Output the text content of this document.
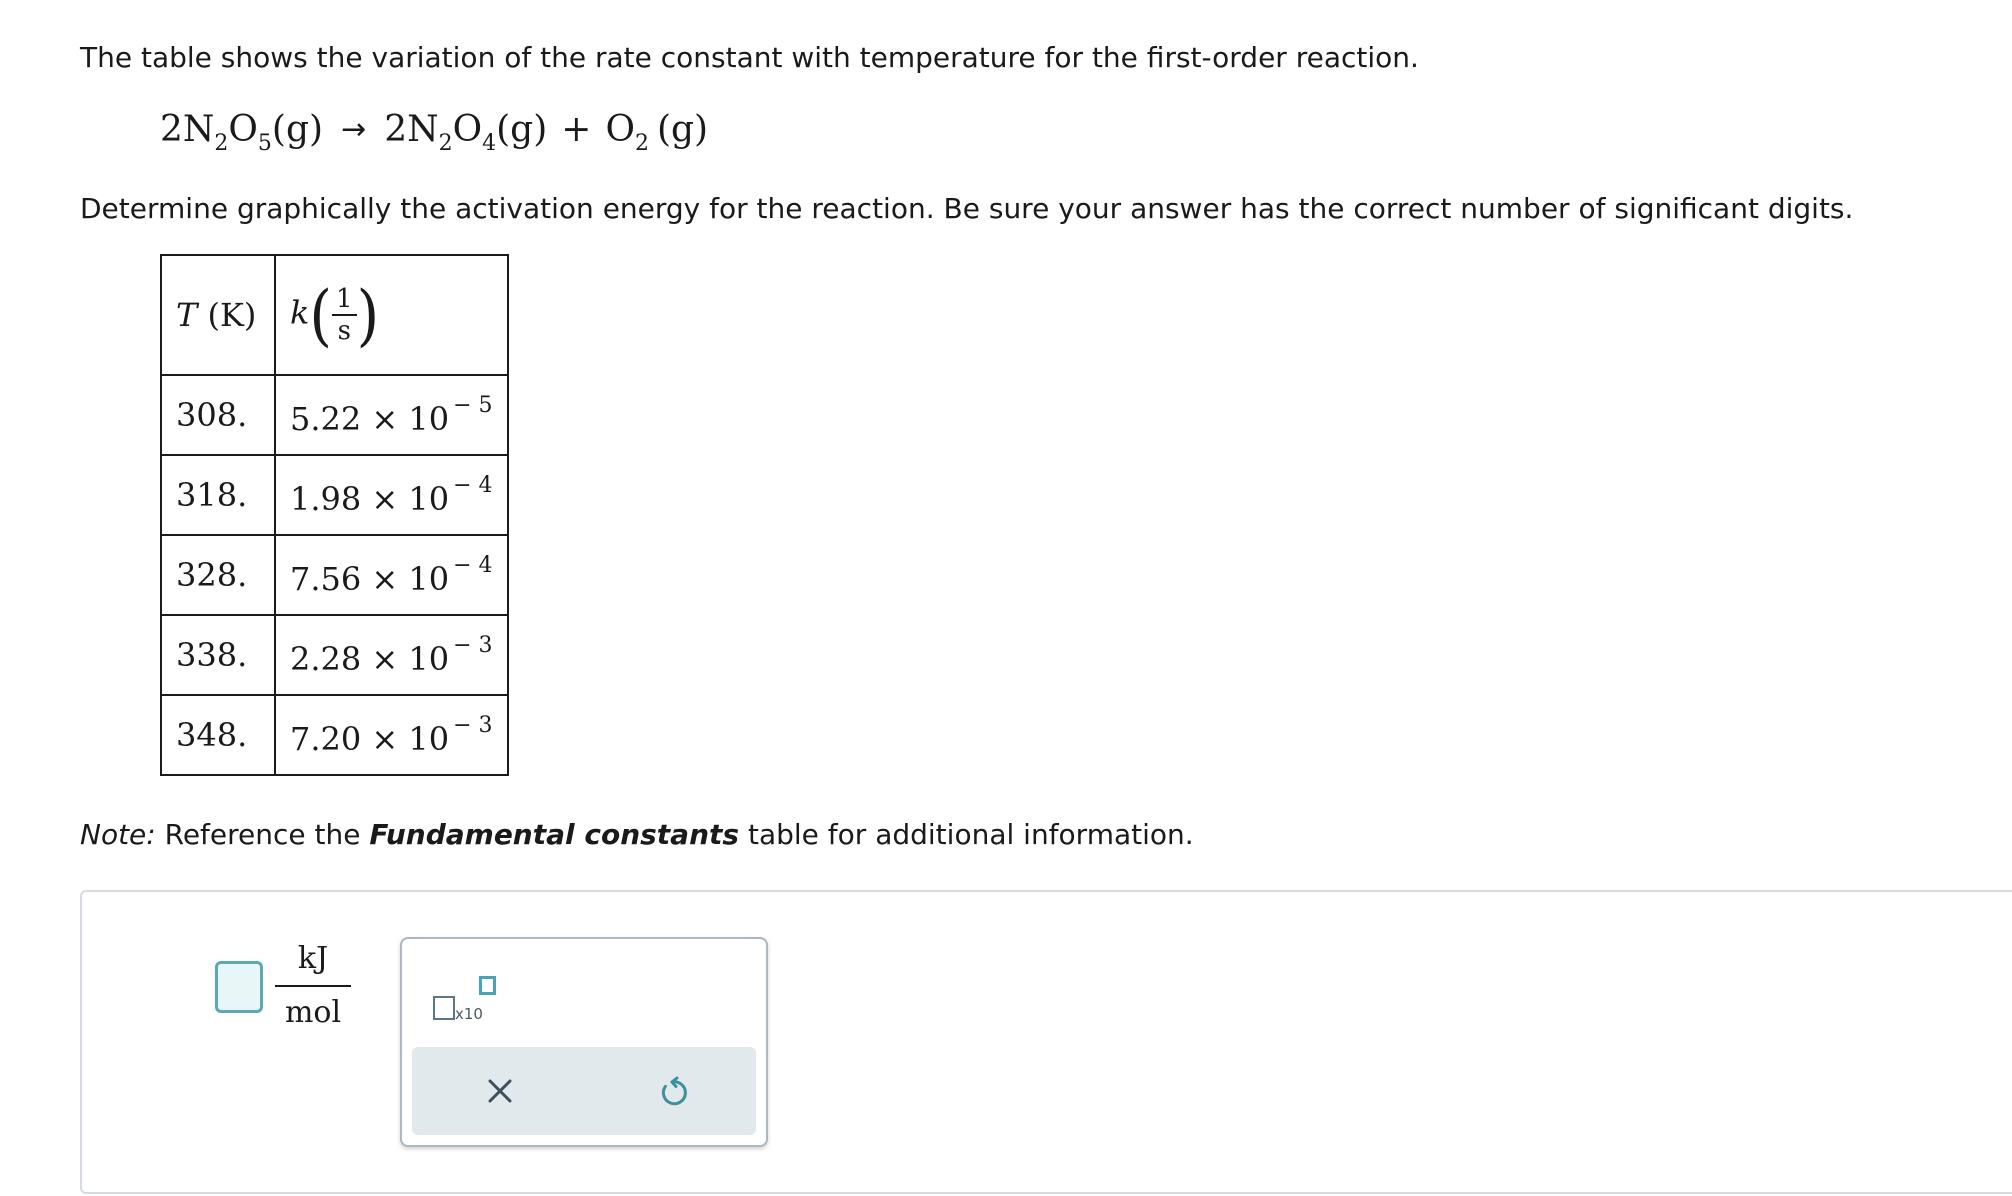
The table shows the variation of the rate constant with temperature for the first-order reaction.
$2N_2O_5(g) \to 2N_2O_4(g) + O_2$ (g)
Determine graphically the activation energy for the reaction. Be sure your answer has the correct number of significant digits.
T (K)	$k( \frac{1}{s}$ )
308.	5.22 × 10 $^{- 5}$
318.	1.98 × 10 $^{- 4}$
328.	7.56 × 10 $^{- 4}$
338.	2.28 × 10 $^{- 3}$
348.	7.20 × 10 $^{- 3}$
Note: Reference the Fundamental constants table for additional information.
kJ
mol	x10
